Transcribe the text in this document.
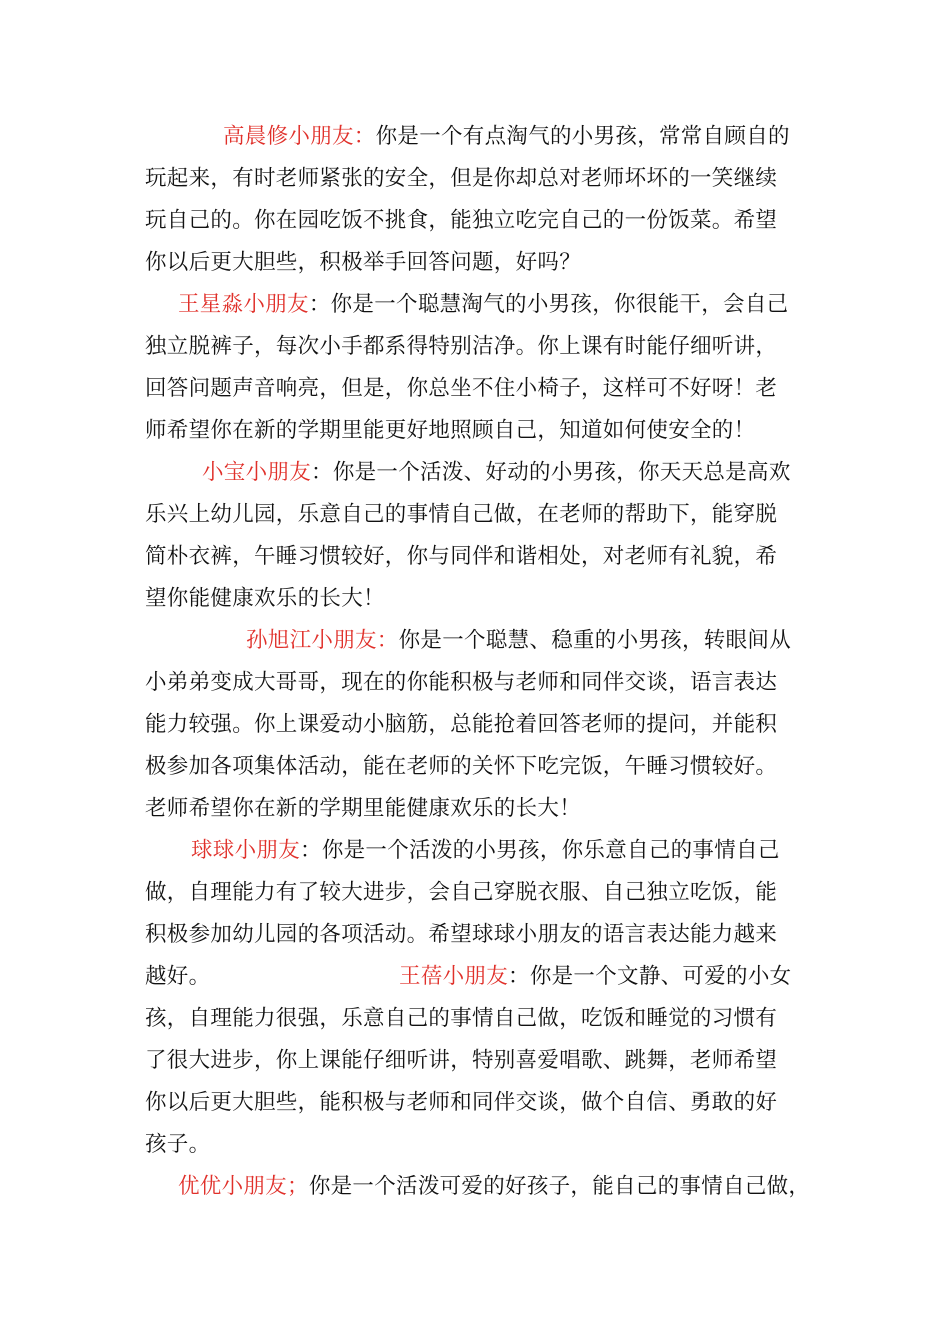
高晨修小朋友：你是一个有点淘气的小男孩，常常自顾自的
玩起来，有时老师紧张的安全，但是你却总对老师坏坏的一笑继续
玩自己的。你在园吃饭不挑食，能独立吃完自己的一份饭菜。希望
你以后更大胆些，积极举手回答问题，好吗？
王星淼小朋友：你是一个聪慧淘气的小男孩，你很能干，会自己
独立脱裤子，每次小手都系得特别洁净。你上课有时能仔细听讲，
回答问题声音响亮，但是，你总坐不住小椅子，这样可不好呀！老
师希望你在新的学期里能更好地照顾自己，知道如何使安全的！
小宝小朋友：你是一个活泼、好动的小男孩，你天天总是高欢
乐兴上幼儿园，乐意自己的事情自己做，在老师的帮助下，能穿脱
简朴衣裤，午睡习惯较好，你与同伴和谐相处，对老师有礼貌，希
望你能健康欢乐的长大！
孙旭江小朋友：你是一个聪慧、稳重的小男孩，转眼间从
小弟弟变成大哥哥，现在的你能积极与老师和同伴交谈，语言表达
能力较强。你上课爱动小脑筋，总能抢着回答老师的提问，并能积
极参加各项集体活动，能在老师的关怀下吃完饭，午睡习惯较好。
老师希望你在新的学期里能健康欢乐的长大！
球球小朋友：你是一个活泼的小男孩，你乐意自己的事情自己
做，自理能力有了较大进步，会自己穿脱衣服、自己独立吃饭，能
积极参加幼儿园的各项活动。希望球球小朋友的语言表达能力越来
越好。	王蓓小朋友：你是一个文静、可爱的小女
孩，自理能力很强，乐意自己的事情自己做，吃饭和睡觉的习惯有
了很大进步，你上课能仔细听讲，特别喜爱唱歌、跳舞，老师希望
你以后更大胆些，能积极与老师和同伴交谈，做个自信、勇敢的好
孩子。
优优小朋友；你是一个活泼可爱的好孩子，能自己的事情自己做，
